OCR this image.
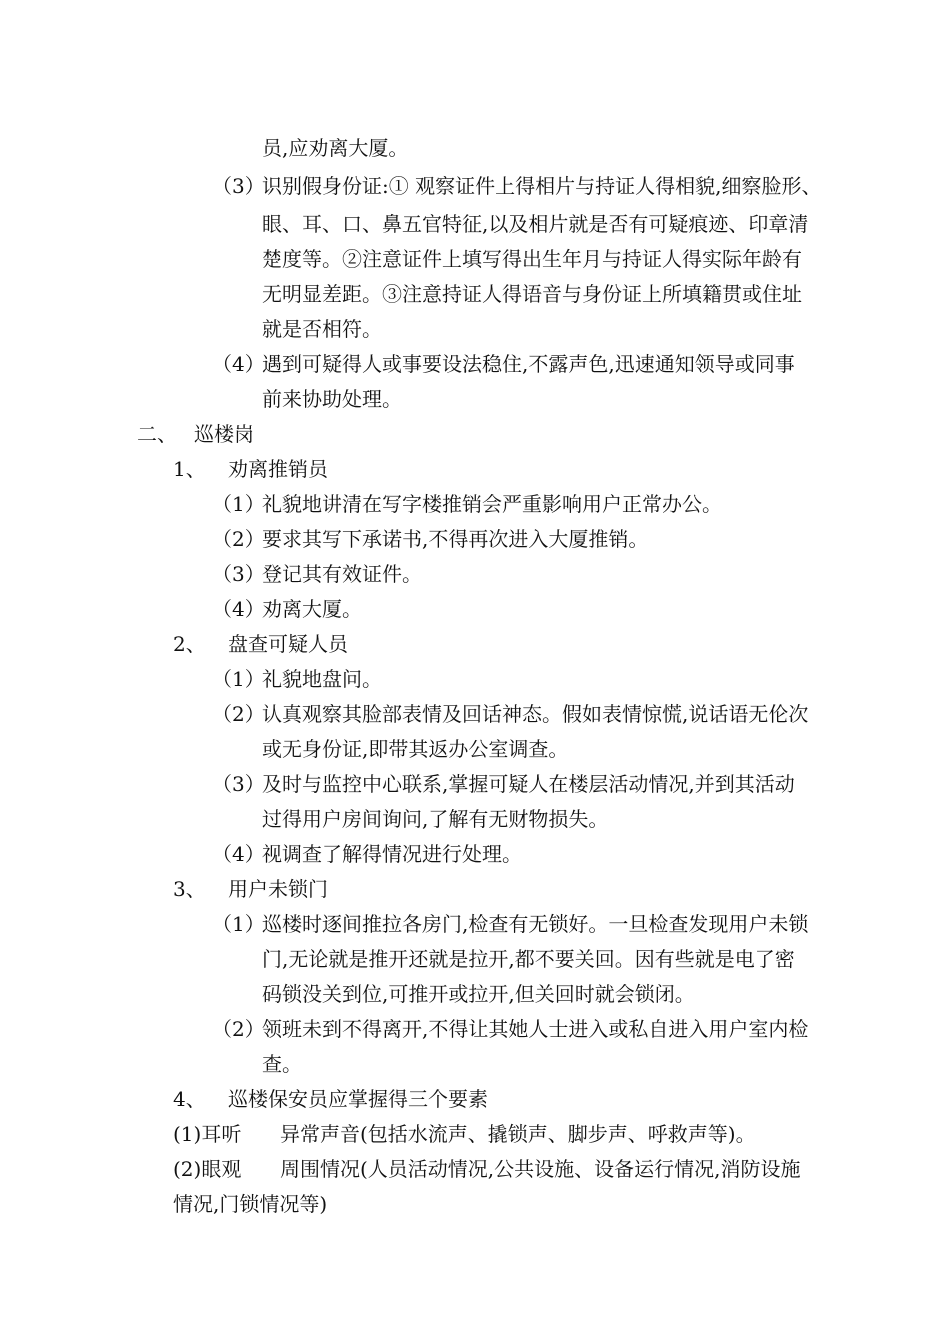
员,应劝离大厦。
（3）
识别假身份证:① 观察证件上得相片与持证人得相貌,细察脸形、
眼、耳、口、鼻五官特征,以及相片就是否有可疑痕迹、印章清
楚度等。②注意证件上填写得出生年月与持证人得实际年龄有
无明显差距。③注意持证人得语音与身份证上所填籍贯或住址
就是否相符。
（4）
遇到可疑得人或事要设法稳住,不露声色,迅速通知领导或同事
前来协助处理。
二、 巡楼岗
1、 劝离推销员
（1）
礼貌地讲清在写字楼推销会严重影响用户正常办公。
（2）
要求其写下承诺书,不得再次进入大厦推销。
（3）
登记其有效证件。
（4）
劝离大厦。
2、 盘查可疑人员
（1）
礼貌地盘问。
（2）
认真观察其脸部表情及回话神态。假如表情惊慌,说话语无伦次
或无身份证,即带其返办公室调查。
（3）
及时与监控中心联系,掌握可疑人在楼层活动情况,并到其活动
过得用户房间询问,了解有无财物损失。
（4）
视调查了解得情况进行处理。
3、 用户未锁门
（1）
巡楼时逐间推拉各房门,检查有无锁好。一旦检查发现用户未锁
门,无论就是推开还就是拉开,都不要关回。因有些就是电了密
码锁没关到位,可推开或拉开,但关回时就会锁闭。
（2）
领班未到不得离开,不得让其她人士进入或私自进入用户室内检
查。
4、 巡楼保安员应掌握得三个要素
(1)耳听 异常声音(包括水流声、撬锁声、脚步声、呼救声等)。
(2)眼观 周围情况(人员活动情况,公共设施、设备运行情况,消防设施
情况,门锁情况等)
